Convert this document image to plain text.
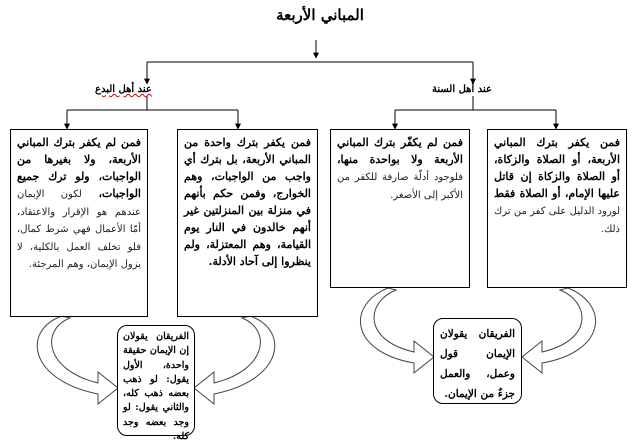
المباني الأربعة
عند أهل البدع	عند أهل السنة
فمن لم يكفر بترك المباني الأربعة، ولا بغيرها من الواجبات، ولو ترك جميع الواجبات، لكون الإيمان عندهم هو الإقرار والاعتقاد، أمّا الأعمال فهي شرط كمال، فلو تخلف العمل بالكلية، لا يزول الإيمان، وهم المرجئة.
فمن يكفر بترك واحدة من المباني الأربعة، بل بترك أي واجب من الواجبات، وهم الخوارج، وفمن حكم بأنهم في منزلة بين المنزلتين غير أنهم خالدون في النار يوم القيامة، وهم المعتزلة، ولم ينظروا إلى آحاد الأدلة.
فمن لم يكفّر بترك المباني الأربعة ولا بواحدة منها، فلوجود أدلّة صارفة للكفر من الأكبر إلى الأصغر.
فمن يكفر بترك المباني الأربعة، أو الصلاة والزكاة، أو الصلاة والزكاة إن قاتل عليها الإمام، أو الصلاة فقط لورود الدليل على كفر من ترك ذلك.
الفريقان يقولان إن الإيمان حقيقة واحدة، الأول يقول: لو ذهب بعضه ذهب كله، والثاني يقول: لو وجد بعضه وجد كله.
الفريقان يقولان الإيمان قول وعمل، والعمل جزءٌ من الإيمان.
